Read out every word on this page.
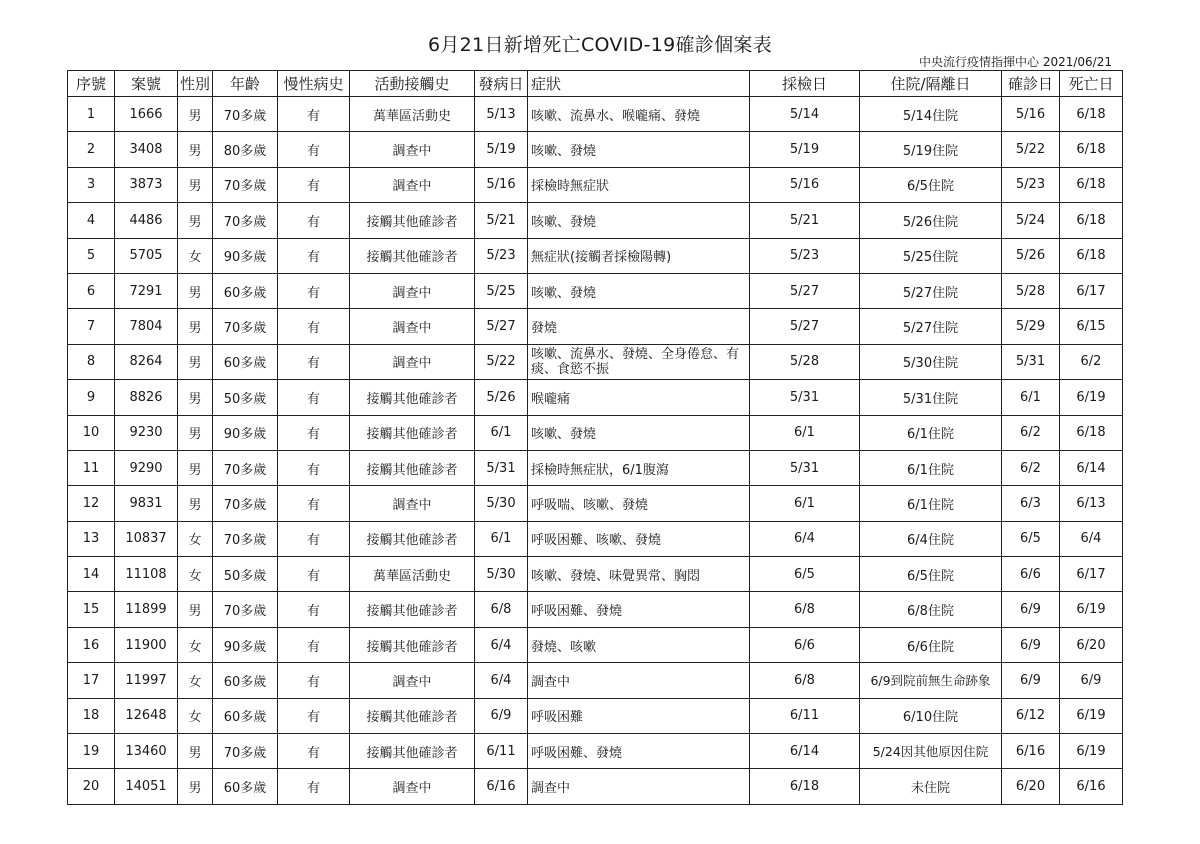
6月21日新增死亡COVID-19確診個案表
中央流行疫情指揮中心 2021/06/21
序號	案號	性別	年齡	慢性病史	活動接觸史	發病日	症狀	採檢日	住院/隔離日	確診日	死亡日
1	1666	男	70多歲	有	萬華區活動史	5/13	咳嗽、流鼻水、喉嚨痛、發燒	5/14	5/14住院	5/16	6/18
2	3408	男	80多歲	有	調查中	5/19	咳嗽、發燒	5/19	5/19住院	5/22	6/18
3	3873	男	70多歲	有	調查中	5/16	採檢時無症狀	5/16	6/5住院	5/23	6/18
4	4486	男	70多歲	有	接觸其他確診者	5/21	咳嗽、發燒	5/21	5/26住院	5/24	6/18
5	5705	女	90多歲	有	接觸其他確診者	5/23	無症狀(接觸者採檢陽轉)	5/23	5/25住院	5/26	6/18
6	7291	男	60多歲	有	調查中	5/25	咳嗽、發燒	5/27	5/27住院	5/28	6/17
7	7804	男	70多歲	有	調查中	5/27	發燒	5/27	5/27住院	5/29	6/15
8	8264	男	60多歲	有	調查中	5/22	咳嗽、流鼻水、發燒、全身倦怠、有痰、食慾不振	5/28	5/30住院	5/31	6/2
9	8826	男	50多歲	有	接觸其他確診者	5/26	喉嚨痛	5/31	5/31住院	6/1	6/19
10	9230	男	90多歲	有	接觸其他確診者	6/1	咳嗽、發燒	6/1	6/1住院	6/2	6/18
11	9290	男	70多歲	有	接觸其他確診者	5/31	採檢時無症狀，6/1腹瀉	5/31	6/1住院	6/2	6/14
12	9831	男	70多歲	有	調查中	5/30	呼吸喘、咳嗽、發燒	6/1	6/1住院	6/3	6/13
13	10837	女	70多歲	有	接觸其他確診者	6/1	呼吸困難、咳嗽、發燒	6/4	6/4住院	6/5	6/4
14	11108	女	50多歲	有	萬華區活動史	5/30	咳嗽、發燒、味覺異常、胸悶	6/5	6/5住院	6/6	6/17
15	11899	男	70多歲	有	接觸其他確診者	6/8	呼吸困難、發燒	6/8	6/8住院	6/9	6/19
16	11900	女	90多歲	有	接觸其他確診者	6/4	發燒、咳嗽	6/6	6/6住院	6/9	6/20
17	11997	女	60多歲	有	調查中	6/4	調查中	6/8	6/9到院前無生命跡象	6/9	6/9
18	12648	女	60多歲	有	接觸其他確診者	6/9	呼吸困難	6/11	6/10住院	6/12	6/19
19	13460	男	70多歲	有	接觸其他確診者	6/11	呼吸困難、發燒	6/14	5/24因其他原因住院	6/16	6/19
20	14051	男	60多歲	有	調查中	6/16	調查中	6/18	未住院	6/20	6/16
